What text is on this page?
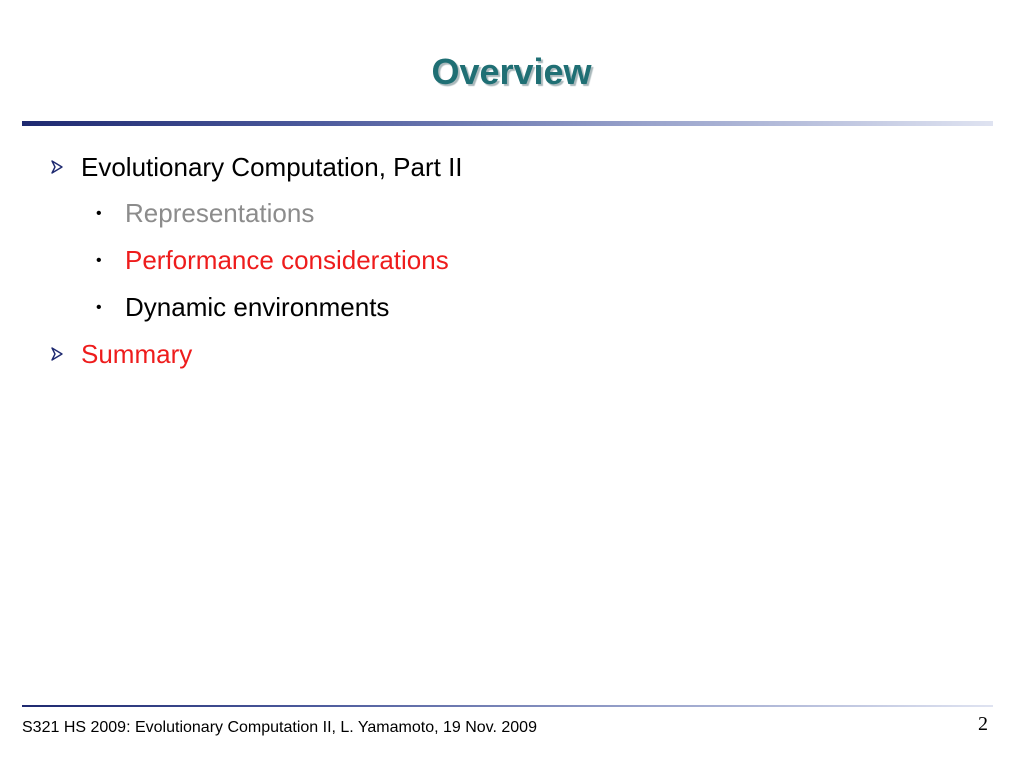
Overview
Evolutionary Computation, Part II
• Representations
• Performance considerations
• Dynamic environments
Summary
S321 HS 2009: Evolutionary Computation II, L. Yamamoto, 19 Nov. 2009	2
